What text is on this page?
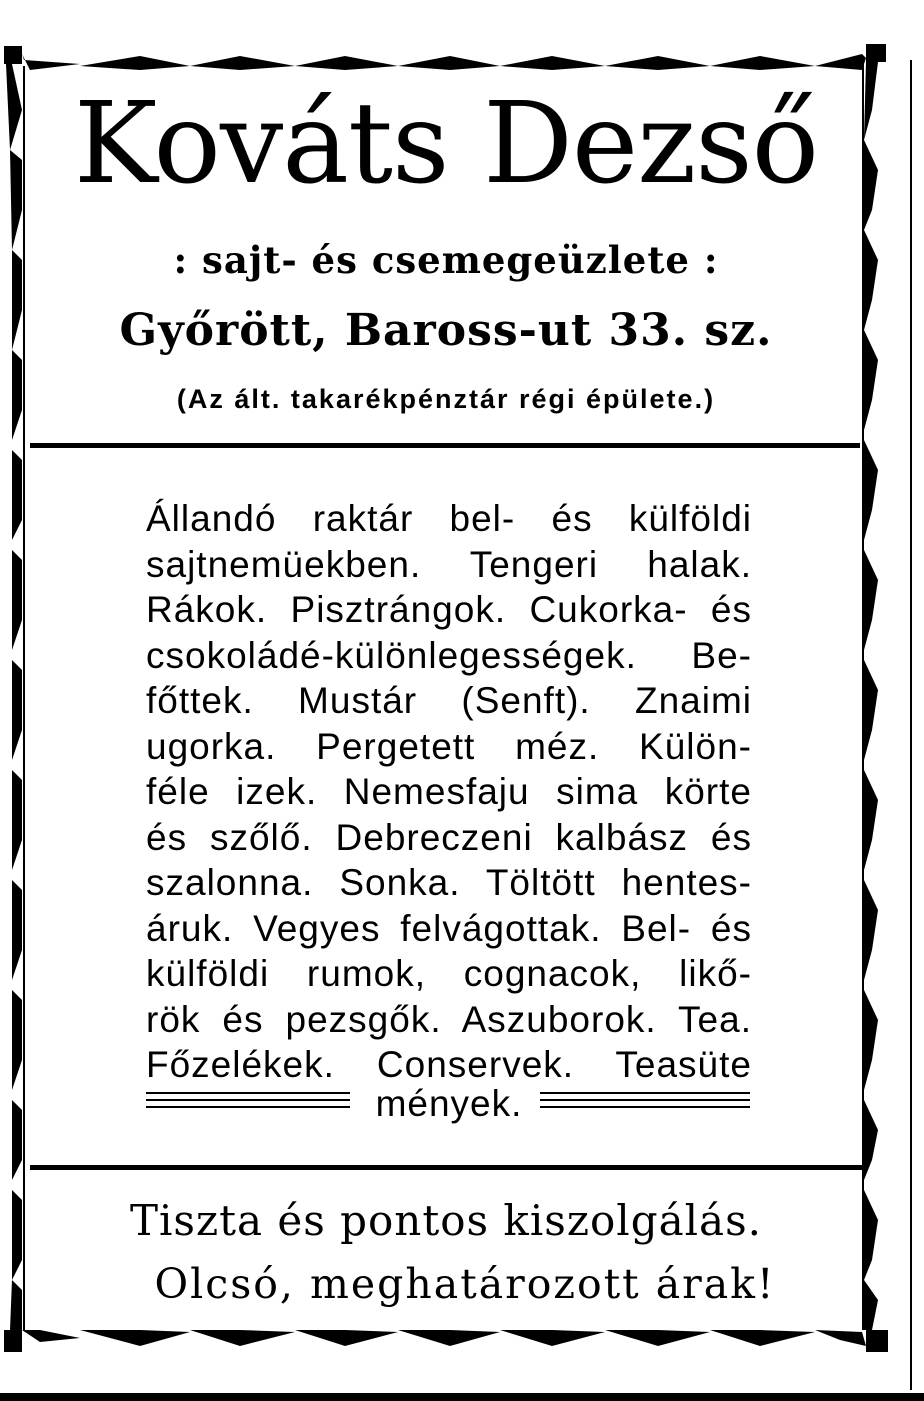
Kováts Dezső
: sajt- és csemegeüzlete :
Győrött, Baross-ut 33. sz.
(Az ált. takarékpénztár régi épülete.)
Állandó raktár bel- és külföldi
sajtnemüekben. Tengeri halak.
Rákok. Pisztrángok. Cukorka- és
csokoládé-különlegességek. Be-
főttek. Mustár (Senft). Znaimi
ugorka. Pergetett méz. Külön-
féle izek. Nemesfaju sima körte
és szőlő. Debreczeni kalbász és
szalonna. Sonka. Töltött hentes-
áruk. Vegyes felvágottak. Bel- és
külföldi rumok, cognacok, likő-
rök és pezsgők. Aszuborok. Tea.
Főzelékek. Conservek. Teasüte
mények.
Tiszta és pontos kiszolgálás.
Olcsó, meghatározott árak!
